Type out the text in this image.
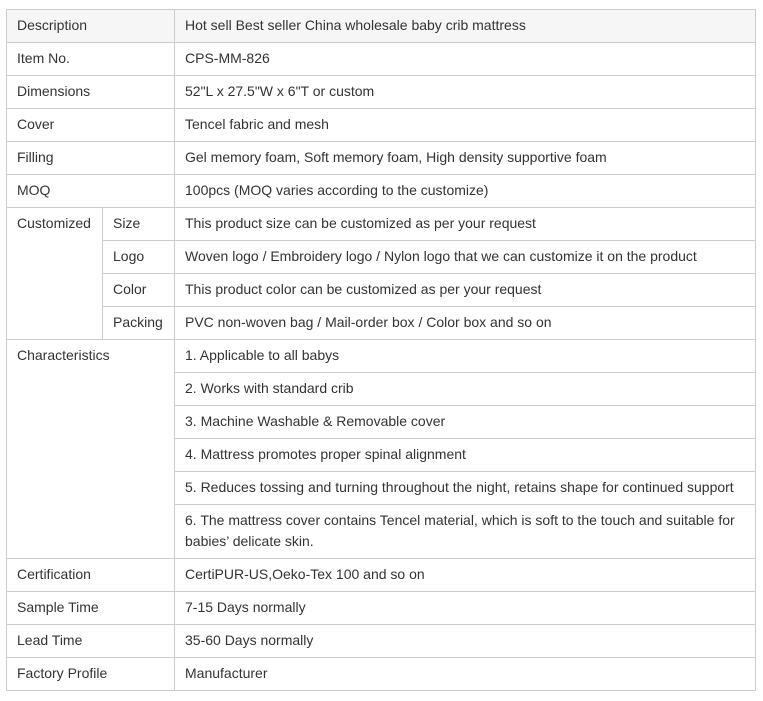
Description		Hot sell Best seller China wholesale baby crib mattress
Item No.		CPS-MM-826
Dimensions		52"L x 27.5"W x 6"T or custom
Cover		Tencel fabric and mesh
Filling		Gel memory foam, Soft memory foam, High density supportive foam
MOQ		100pcs (MOQ varies according to the customize)
Customized	Size	This product size can be customized as per your request
	Logo	Woven logo / Embroidery logo / Nylon logo that we can customize it on the product
	Color	This product color can be customized as per your request
	Packing	PVC non-woven bag / Mail-order box / Color box and so on
Characteristics		1. Applicable to all babys
		2. Works with standard crib
		3. Machine Washable & Removable cover
		4. Mattress promotes proper spinal alignment
		5. Reduces tossing and turning throughout the night, retains shape for continued support
		6. The mattress cover contains Tencel material, which is soft to the touch and suitable for babies’ delicate skin.
Certification		CertiPUR-US,Oeko-Tex 100 and so on
Sample Time		7-15 Days normally
Lead Time		35-60 Days normally
Factory Profile		Manufacturer
